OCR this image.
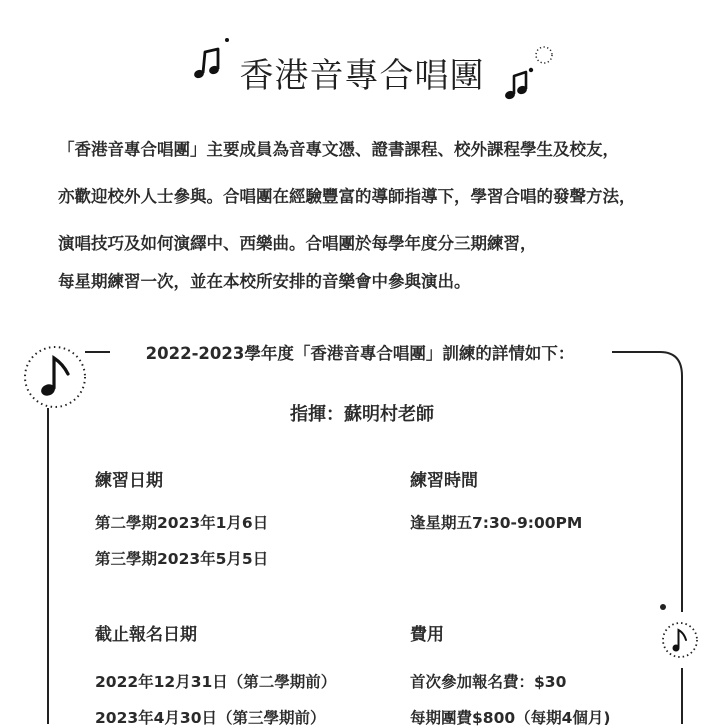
香港音專合唱團
「香港音專合唱團」主要成員為音專文憑、證書課程、校外課程學生及校友，
亦歡迎校外人士參與。合唱團在經驗豐富的導師指導下，學習合唱的發聲方法，
演唱技巧及如何演繹中、西樂曲。合唱團於每學年度分三期練習，
每星期練習一次，並在本校所安排的音樂會中參與演出。
2022-2023學年度「香港音專合唱團」訓練的詳情如下：
指揮：蘇明村老師
練習日期
第二學期2023年1月6日
第三學期2023年5月5日
練習時間
逢星期五7:30-9:00PM
截止報名日期
2022年12月31日（第二學期前）
2023年4月30日（第三學期前）
費用
首次參加報名費：$30
每期團費$800（每期4個月)
